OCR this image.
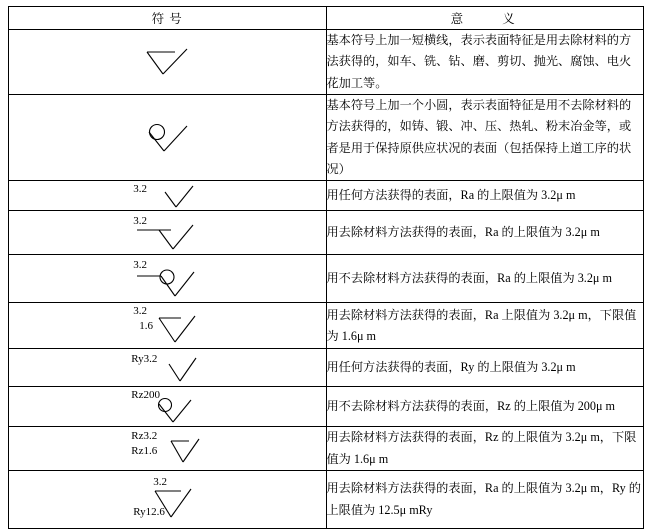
符 号	意 义

	基本符号上加一短横线，表示表面特征是用去除材料的方法获得的，如车、铣、钻、磨、剪切、抛光、腐蚀、电火花加工等。

	基本符号上加一个小圆，表示表面特征是用不去除材料的方法获得的，如铸、锻、冲、压、热轧、粉末冶金等，或者是用于保持原供应状况的表面（包括保持上道工序的状况）

3.2	用任何方法获得的表面，Ra 的上限值为 3.2μ m

3.2	用去除材料方法获得的表面，Ra 的上限值为 3.2μ m

3.2	用不去除材料方法获得的表面，Ra 的上限值为 3.2μ m

3.2
1.6	用去除材料方法获得的表面，Ra 上限值为 3.2μ m，下限值为 1.6μ m

Ry3.2	用任何方法获得的表面，Ry 的上限值为 3.2μ m

Rz200	用不去除材料方法获得的表面，Rz 的上限值为 200μ m

Rz3.2
Rz1.6	用去除材料方法获得的表面，Rz 的上限值为 3.2μ m，下限值为 1.6μ m

3.2
Ry12.6	用去除材料方法获得的表面，Ra 的上限值为 3.2μ m，Ry 的上限值为 12.5μ mRy
